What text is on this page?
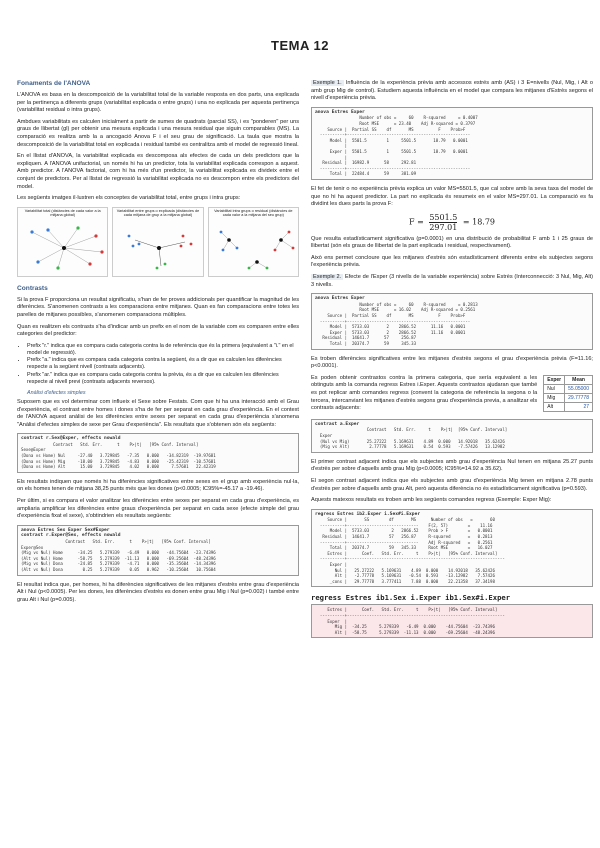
TEMA 12
Fonaments de l'ANOVA

L'ANOVA es basa en la descomposició de la variabilitat total de la variable resposta en dos parts, una explicada per la pertinença a diferents grups (variabilitat explicada o entre grups) i una no explicada per aquesta pertinença (variabilitat residual o intra grups).

Ambdues variabilitats es calculen inicialment a partir de sumes de quadrats (parcial SS), i es "ponderen" per uns graus de llibertat (gl) per obtenir una mesura explicada i una mesura residual que siguin comparables (MS). La comparació es realitza amb la a ancogació Anova F i el seu grau de significació. La taula que mostra la descomposició de la variabilitat total en explicada i residual també es centralitza amb el model de regressió lineal.

En el llistat d'ANOVA, la variabilitat explicada es descomposa als efectes de cada un dels predictors que la expliquen. A l'ANOVA unifactorial, un només hi ha un predictor, tota la variabilitat explicada correspon a aquest. Amb predictor. A l'ANOVA factorial, com hi ha més d'un predictor, la variabilitat explicada es divideix entre el conjunt de predictors. Per al llistat de regressió la variabilitat explicada no es descompon entre els predictors del model.

Les següents imatges il·lustren els conceptes de variabilitat total, entre grups i intra grups:

Variabilitat total (distàncies de cada valor a la mitjana global)
Variabilitat entre grups o explicada (distàncies de cada mitjana de grup a la mitjana global)
Variabilitat intra grups o residual (distàncies de cada valor a la mitjana del seu grup)
Contrasts

Si la prova F proporciona un resultat significatiu, s'han de fer proves addicionals per quantificar la magnitud de les diferències. S'anomenen contrasts a les comparacions entre mitjanes. Quan es fan comparacions entre totes les parelles de mitjanes possibles, s'anomenen comparacions múltiples.

Quan es realitzen els contrasts s'ha d'indicar amb un prefix en el nom de la variable com es comparen entre elles categories del predictor:

• Prefix "r." indica que es compara cada categoria contra la de referència que és la primera (equivalent a "i." en el model de regressió).
• Prefix "a." indica que es compara cada categoria contra la següent, és a dir que es calculen les diferències respecte a la següent nivell (contrasts adjacents).
• Prefix "ar." indica que es compara cada categoria contra la prèvia, és a dir que es calculen les diferències respecte al nivell previ (contrasts adjacents reversos).
Anàlisi d'efectes simples

Suposem que es vol determinar com influeix el Sexe sobre Festats. Com que hi ha una interacció amb el Grau d'experiència, el contrast entre homes i dones s'ha de fer per separat en cada grau d'experiència. En el context de l'ANOVA aquest anàlisi de les diferències entre sexes per separat en cada grau d'experiència s'anomena "Anàlisi d'efectes simples de sexe per Grau d'experiència". Els resultats que s'obtenen són els següents:

contrast r.Sex@Exper, effects nowald
Contrast   Std. Err.      t    P>|t|   [95% Conf. Interval]
Sexe@Exper
(Dona vs Home) Nul     -27.40   3.729845   -7.35   0.000   -34.82319  -19.97681
(Dona vs Home) Mig     -18.00   3.729845   -4.83   0.000   -25.42319  -10.57681
(Dona vs Home) Alt      15.00   3.729845    4.02   0.000     7.57681   22.42319

Els resultats indiquen que només hi ha diferències significatives entre sexes en el grup amb experiència nul·la, on els homes tenen de mitjana 38,25 punts més que les dones (p<0.0005; IC95%=-45.17 a -19.46).

Per últim, si es compara el valor analitzar les diferències entre sexes per separat en cada grau d'experiència, es ampliaria amplificar les diferències entre graus d'experiència per separat en cada sexe (efecte simple del grau d'experiència fixat el sexe), s'obtindrien els resultats següents:

anova Estres Sex Exper Sex#Exper
contrast r.Exper@Sex, effects nowald
Contrast   Std. Err.      t    P>|t|   [95% Conf. Interval]
Exper@Sex
(Mig vs Nul) Home      -34.25   5.279339   -6.49   0.000   -44.75604  -23.74396
(Alt vs Nul) Home      -58.75   5.279339  -11.13   0.000   -69.25604  -48.24396
(Mig vs Nul) Dona      -24.85   5.279339   -4.71   0.000   -35.35604  -14.34396
(Alt vs Nul) Dona        0.25   5.279339    0.05   0.962   -10.25604   10.75604

El resultat indica que, per homes, hi ha diferències significatives de les mitjanes d'estrès entre grau d'experiència Alt i Nul (p<0.0005). Per les dones, les diferències d'estrès es donen entre grau Mig i Nul (p=0.002) i també entre grau Alt i Nul (p=0.005).

Exemple 1. Influència de la experiència prèvia amb accessos estrés amb (AS) i 3 E=nivells (Nul, Mig, i Alt o amb grup Mig de control). Estudiem aquesta influència en el model que compara les mitjanes d'Estrès segons el nivell d'experiència prèvia.

anova Estres Exper
Number of obs =     60    R-squared     = 0.4007
Root MSE      = 23.40    Adj R-squared = 0.3797
Source |  Partial SS    df       MS          F    Prob>F
----------+--------------------------------------------------
Model |  5501.5        1     5501.5       18.79   0.0001
|
Exper |  5501.5        1     5501.5       18.79   0.0001
|
Residual |  16982.9      58     292.81
----------+--------------------------------------------------
Total |  22484.4      59     381.09

El fet de tenir o no experiència prèvia explica un valor MS=5501.5, que cal sobre amb la seva taxa del model de que no hi ha aquest predictor. La part no explicada és resumeix en el valor MS=297.01. La comparació es fa dividint les dues parts la prova F:

$F = \frac{5501.5}{297.01} = 18.79$

Que resulta estadísticament significativa (p=0.0001) en una distribució de probabilitat F amb 1 i 25 graus de llibertat (són els graus de llibertat de la part explicada i residual, respectivament).

Això ens permet concloure que les mitjanes d'estrès són estadísticament diferents entre els subjectes segons l'experiència prèvia.

Exemple 2. Efecte de l'Exper (3 nivells de la variable experiència) sobre Estrès (Interconnecció: 3 Nul, Mig, Alt) 3 nivells.

anova Estres Exper
Number of obs =     60    R-squared     = 0.2813
Root MSE      = 16.02    Adj R-squared = 0.2561
Source |  Partial SS    df       MS          F    Prob>F
----------+--------------------------------------------------
Model |  5733.03       2    2866.52      11.16   0.0001
Exper |  5733.03       2    2866.52      11.16   0.0001
Residual |  14641.7      57     256.87
Total |  20374.7      59     345.33

Es troben diferències significatives entre les mitjanes d'estrès segons el grau d'experiència prèvia (F=11.16; p<0.0001).

Exper	Mean
Nul	55.05000
Mig	29.77778
Alt	27

Es poden obtenir contrastos contra la primera categoria, que sería equivalent a les obtinguts amb la comanda regress Estres i.Exper. Aquests contrastos ajudaran que també es pot replicar amb comandes regress (convent la categoria de referència la segona o la tercera, intercanviant les mitjanes d'estrès segons grau d'experiència previa, a analitzar els contrasts adjacents:

contrast a.Exper
Contrast   Std. Err.     t    P>|t|  [95% Conf. Interval]
Exper
(Nul vs Mig)       25.27222   5.169631    4.89  0.000   14.92018   35.62426
(Mig vs Alt)        2.77778   5.169631    0.54  0.593   -7.57426   13.12982

El primer contrast adjacent indica que els subjectes amb grau d'experiència Nul tenen en mitjana 25.27 punts d'estrès per sobre d'aquells amb grau Mig (p<0.0005; IC95%=14.92 a 35.62).

El segon contrast adjacent indica que els subjectes amb grau d'experiència Mig tenen en mitjana 2.78 punts d'estrès per sobre d'aquells amb grau Alt, però aquesta diferència no és estadísticament significativa (p=0.593).

Aquests matexos resultats es troben amb les següents comandes regress (Exemple: Exper Mig):

regress Estres ib2.Exper i.Sex#i.Exper
Source |       SS        df       MS      Number of obs   =       60
----------+-----------------------------    F(2, 57)        =    11.16
Model |  5733.03         2   2866.52    Prob > F        =   0.0001
Residual |  14641.7        57   256.87     R-squared       =   0.2813
----------+-----------------------------    Adj R-squared   =   0.2561
Total |  20374.7        59   345.33     Root MSE        =   16.027
Estres |      Coef.   Std. Err.     t    P>|t|   [95% Conf. Interval]
----------+----------------------------------------------------------------
Exper |
Nul |   25.27222   5.169631    4.89  0.000    14.92018   35.62426
Alt |   -2.77778   5.169631   -0.54  0.593   -13.12982    7.57426
_cons |   29.77778   3.777411    7.88  0.000    22.21358   37.34198
regress Estres ib1.Sex i.Exper ib1.Sex#i.Exper
Estres |      Coef.   Std. Err.     t    P>|t|   [95% Conf. Interval]
----------+----------------------------------------------------------------
Exper  |
Mig |  -34.25     5.279339   -6.49  0.000    -44.75604  -23.74396
Alt |  -58.75     5.279339  -11.13  0.000    -69.25604  -48.24396
